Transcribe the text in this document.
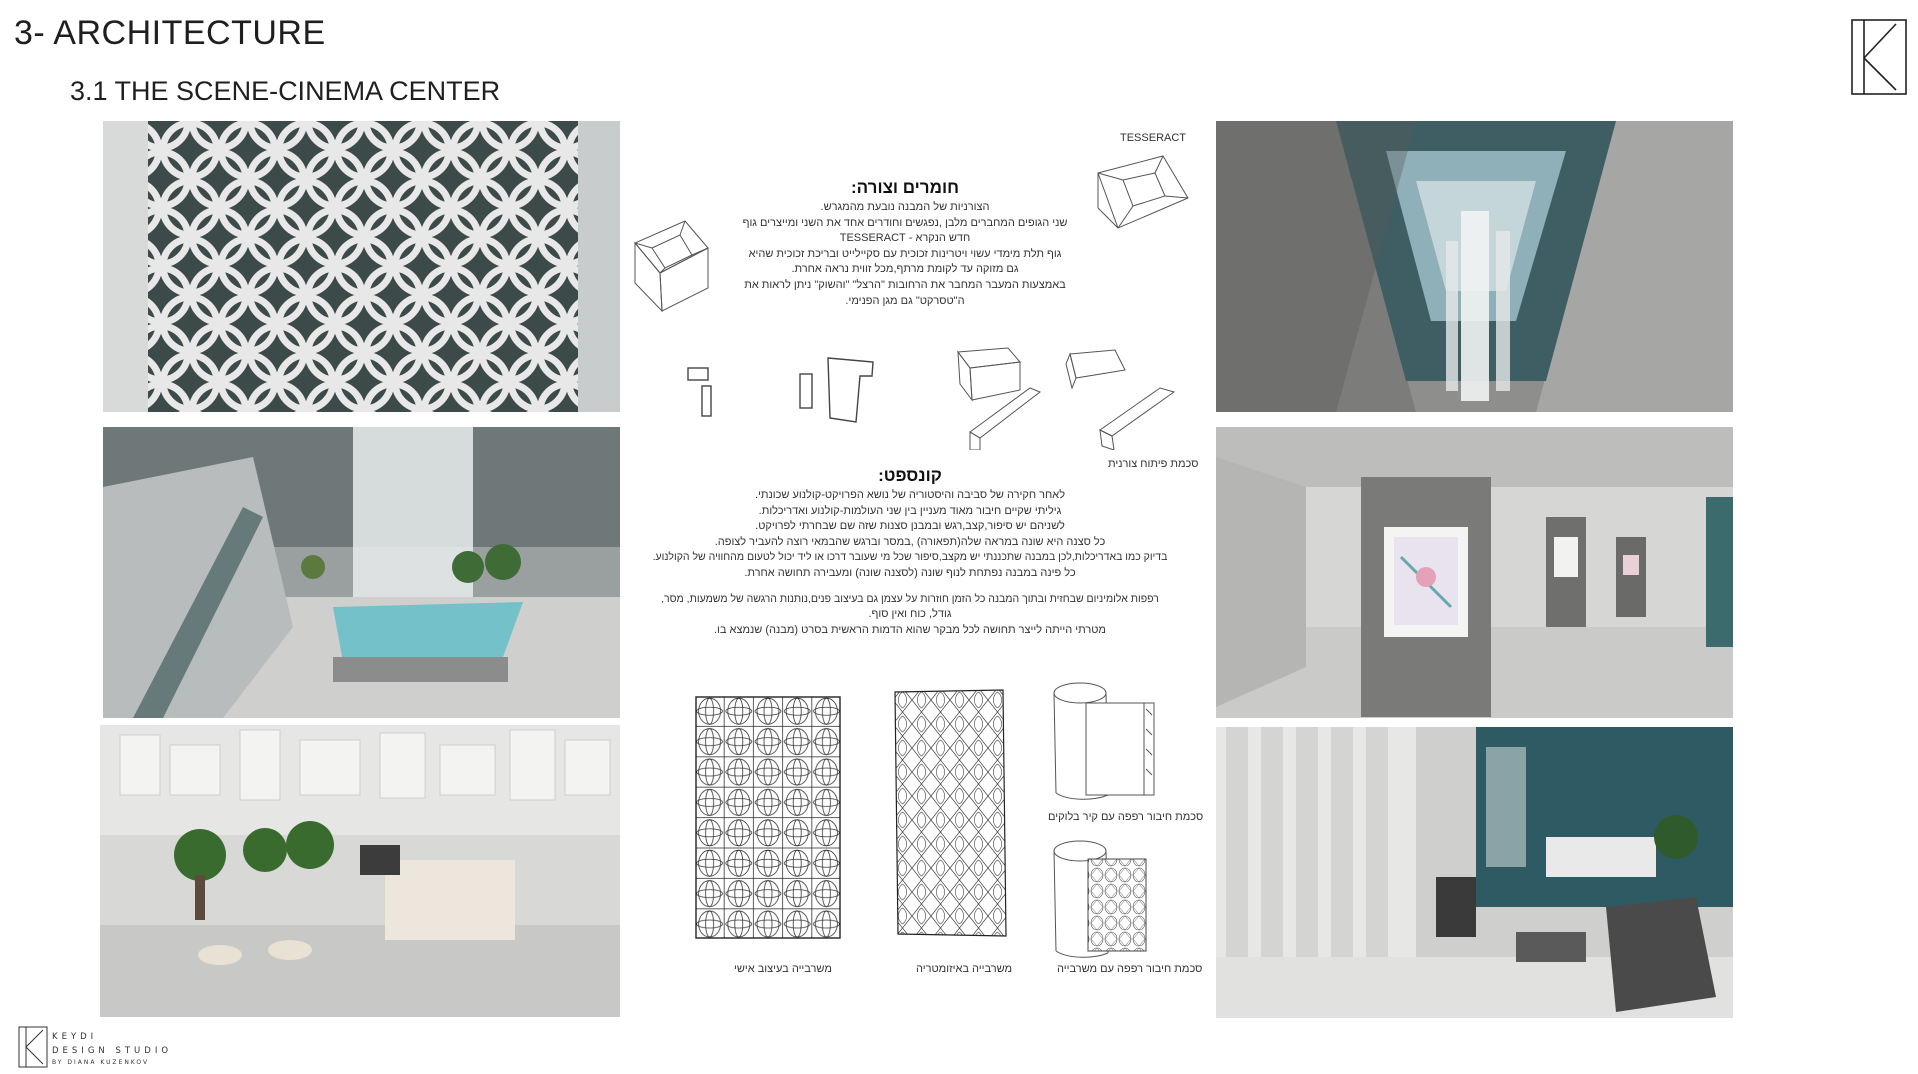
3- ARCHITECTURE
3.1 THE SCENE-CINEMA CENTER
TESSERACT
חומרים וצורה:
הצורניות של המבנה נובעת מהמגרש.
שני הגופים המחברים מלבן ,נפגשים וחודרים אחד את השני ומייצרים גוף
חדש הנקרא - TESSERACT
גוף תלת מימדי עשוי ויטרינות זכוכית עם סקיילייט ובריכת זכוכית שהיא
גם מזוקה עד לקומת מרתף,מכל זווית נראה אחרת.
באמצעות המעבר המחבר את הרחובות "הרצל" "והשוק" ניתן לראות את
ה"טסרקט" גם מגן הפנימי.
סכמת פיתוח צורנית
קונספט:
לאחר חקירה של סביבה והיסטוריה של נושא הפרויקט-קולנוע שכונתי.
גיליתי שקיים חיבור מאוד מעניין בין שני העולמות-קולנוע ואדריכלות.
לשניהם יש סיפור,קצב,רגש ובמבנן סצנות שזה שם שבחרתי לפרויקט.
כל סצנה היא שונה במראה שלה(תפאורה) ,במסר וברגש שהבמאי רוצה להעביר לצופה.
בדיוק כמו באדריכלות,לכן במבנה שתכננתי יש מקצב,סיפור שכל מי שעובר דרכו או ליד יכול לטעום מהחוויה של הקולנוע.
כל פינה במבנה נפתחת לנוף שונה (לסצנה שונה) ומעבירה תחושה אחרת.
רפפות אלומיניום שבחזית ובתוך המבנה כל הזמן חוזרות על עצמן גם בעיצוב פנים,נותנות הרגשה של משמעות, מסר,
גודל, כוח ואין סוף.
מטרתי הייתה לייצר תחושה לכל מבקר שהוא הדמות הראשית בסרט (מבנה) שנמצא בו.
משרבייה בעיצוב אישי	משרבייה באיזומטריה
סכמת חיבור רפפה עם קיר בלוקים
סכמת חיבור רפפה עם משרבייה
KEYDI
DESIGN STUDIO
BY DIANA KUZENKOV
